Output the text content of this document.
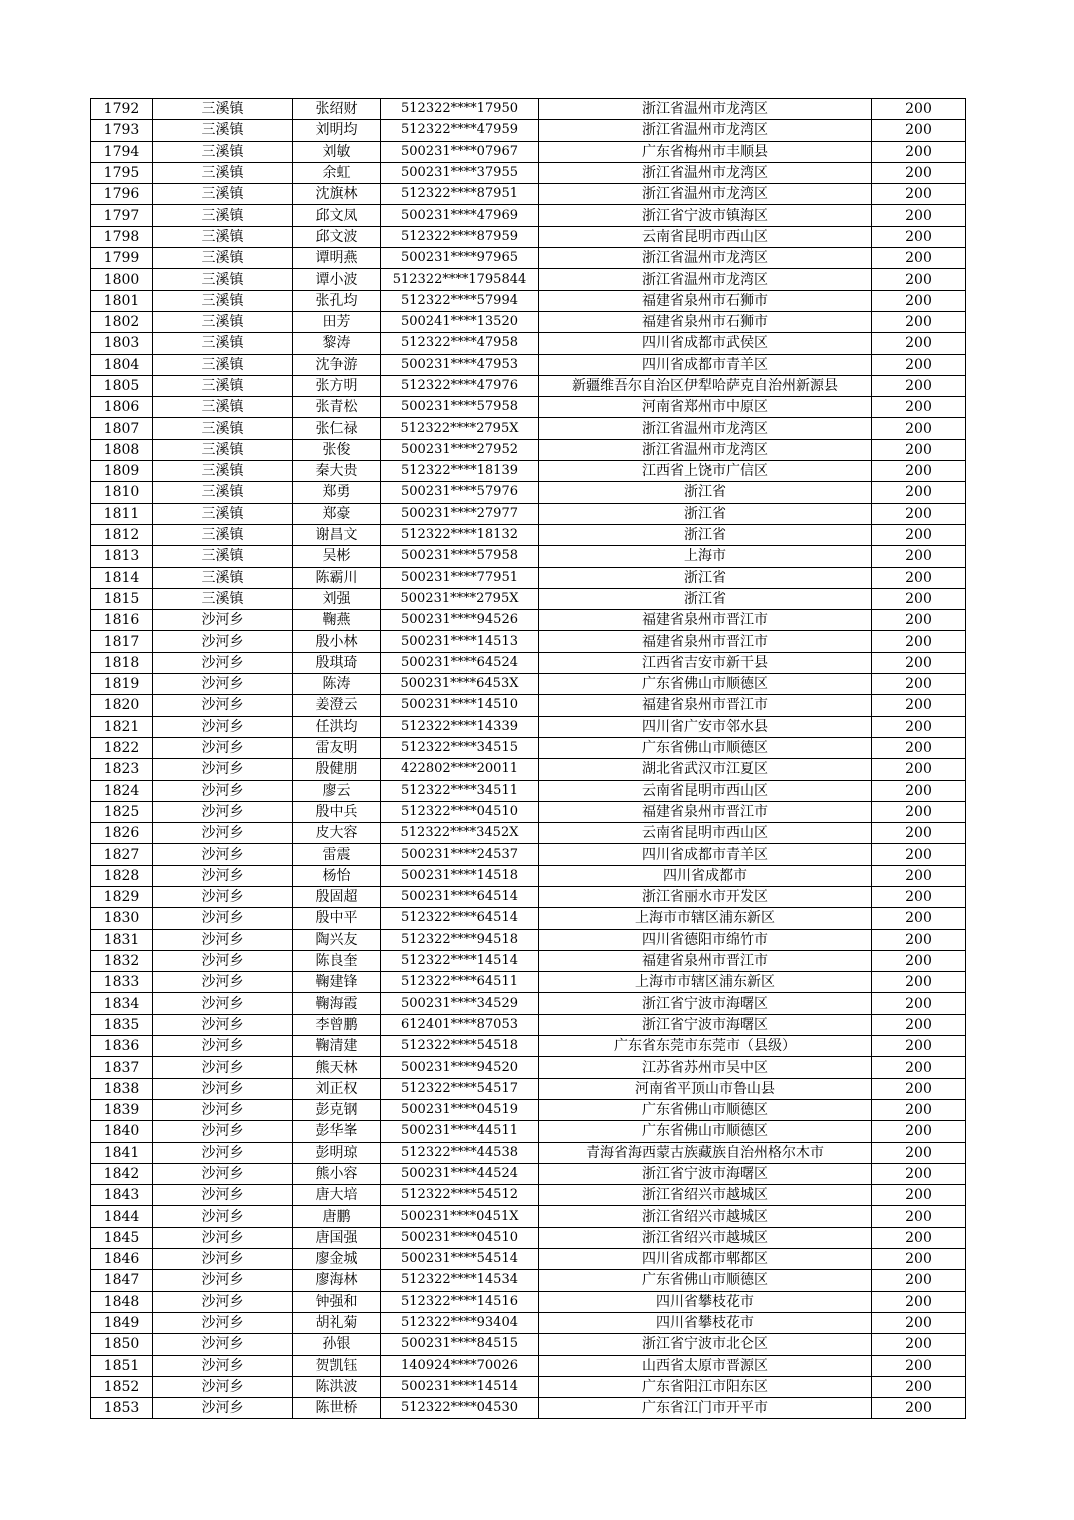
1792	三溪镇	张绍财	512322****17950	浙江省温州市龙湾区	200
1793	三溪镇	刘明均	512322****47959	浙江省温州市龙湾区	200
1794	三溪镇	刘敏	500231****07967	广东省梅州市丰顺县	200
1795	三溪镇	余虹	500231****37955	浙江省温州市龙湾区	200
1796	三溪镇	沈旗林	512322****87951	浙江省温州市龙湾区	200
1797	三溪镇	邱文凤	500231****47969	浙江省宁波市镇海区	200
1798	三溪镇	邱文波	512322****87959	云南省昆明市西山区	200
1799	三溪镇	谭明燕	500231****97965	浙江省温州市龙湾区	200
1800	三溪镇	谭小波	512322****1795844	浙江省温州市龙湾区	200
1801	三溪镇	张孔均	512322****57994	福建省泉州市石狮市	200
1802	三溪镇	田芳	500241****13520	福建省泉州市石狮市	200
1803	三溪镇	黎涛	512322****47958	四川省成都市武侯区	200
1804	三溪镇	沈争游	500231****47953	四川省成都市青羊区	200
1805	三溪镇	张方明	512322****47976	新疆维吾尔自治区伊犁哈萨克自治州新源县	200
1806	三溪镇	张青松	500231****57958	河南省郑州市中原区	200
1807	三溪镇	张仁禄	512322****2795X	浙江省温州市龙湾区	200
1808	三溪镇	张俊	500231****27952	浙江省温州市龙湾区	200
1809	三溪镇	秦大贵	512322****18139	江西省上饶市广信区	200
1810	三溪镇	郑勇	500231****57976	浙江省	200
1811	三溪镇	郑豪	500231****27977	浙江省	200
1812	三溪镇	谢昌文	512322****18132	浙江省	200
1813	三溪镇	吴彬	500231****57958	上海市	200
1814	三溪镇	陈霸川	500231****77951	浙江省	200
1815	三溪镇	刘强	500231****2795X	浙江省	200
1816	沙河乡	鞠燕	500231****94526	福建省泉州市晋江市	200
1817	沙河乡	殷小林	500231****14513	福建省泉州市晋江市	200
1818	沙河乡	殷琪琦	500231****64524	江西省吉安市新干县	200
1819	沙河乡	陈涛	500231****6453X	广东省佛山市顺德区	200
1820	沙河乡	姜澄云	500231****14510	福建省泉州市晋江市	200
1821	沙河乡	任洪均	512322****14339	四川省广安市邻水县	200
1822	沙河乡	雷友明	512322****34515	广东省佛山市顺德区	200
1823	沙河乡	殷健朋	422802****20011	湖北省武汉市江夏区	200
1824	沙河乡	廖云	512322****34511	云南省昆明市西山区	200
1825	沙河乡	殷中兵	512322****04510	福建省泉州市晋江市	200
1826	沙河乡	皮大容	512322****3452X	云南省昆明市西山区	200
1827	沙河乡	雷震	500231****24537	四川省成都市青羊区	200
1828	沙河乡	杨怡	500231****14518	四川省成都市	200
1829	沙河乡	殷固超	500231****64514	浙江省丽水市开发区	200
1830	沙河乡	殷中平	512322****64514	上海市市辖区浦东新区	200
1831	沙河乡	陶兴友	512322****94518	四川省德阳市绵竹市	200
1832	沙河乡	陈良奎	512322****14514	福建省泉州市晋江市	200
1833	沙河乡	鞠建锋	512322****64511	上海市市辖区浦东新区	200
1834	沙河乡	鞠海霞	500231****34529	浙江省宁波市海曙区	200
1835	沙河乡	李曾鹏	612401****87053	浙江省宁波市海曙区	200
1836	沙河乡	鞠清建	512322****54518	广东省东莞市东莞市（县级）	200
1837	沙河乡	熊天林	500231****94520	江苏省苏州市吴中区	200
1838	沙河乡	刘正权	512322****54517	河南省平顶山市鲁山县	200
1839	沙河乡	彭克钢	500231****04519	广东省佛山市顺德区	200
1840	沙河乡	彭华峯	500231****44511	广东省佛山市顺德区	200
1841	沙河乡	彭明琼	512322****44538	青海省海西蒙古族藏族自治州格尔木市	200
1842	沙河乡	熊小容	500231****44524	浙江省宁波市海曙区	200
1843	沙河乡	唐大培	512322****54512	浙江省绍兴市越城区	200
1844	沙河乡	唐鹏	500231****0451X	浙江省绍兴市越城区	200
1845	沙河乡	唐国强	500231****04510	浙江省绍兴市越城区	200
1846	沙河乡	廖金城	500231****54514	四川省成都市郫都区	200
1847	沙河乡	廖海林	512322****14534	广东省佛山市顺德区	200
1848	沙河乡	钟强和	512322****14516	四川省攀枝花市	200
1849	沙河乡	胡礼菊	512322****93404	四川省攀枝花市	200
1850	沙河乡	孙银	500231****84515	浙江省宁波市北仑区	200
1851	沙河乡	贺凯钰	140924****70026	山西省太原市晋源区	200
1852	沙河乡	陈洪波	500231****14514	广东省阳江市阳东区	200
1853	沙河乡	陈世桥	512322****04530	广东省江门市开平市	200
